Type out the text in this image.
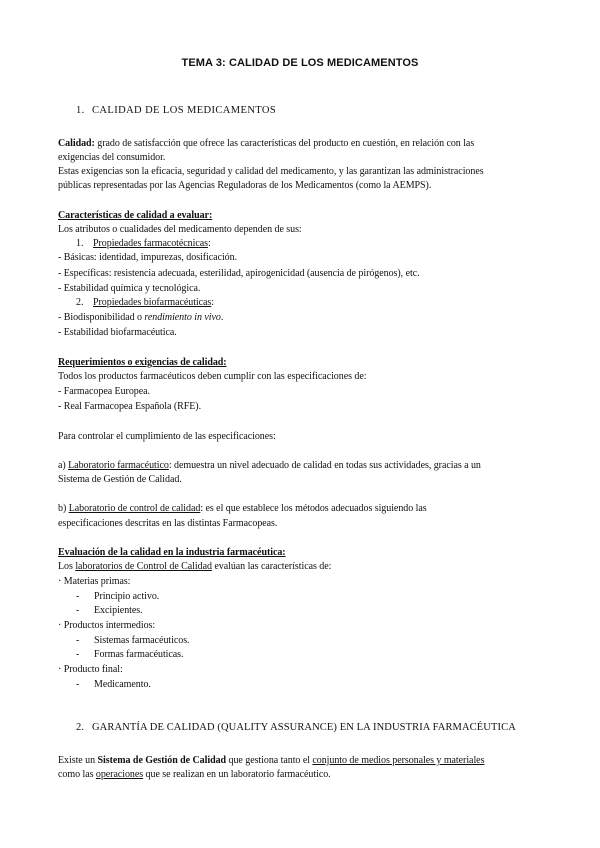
TEMA 3: CALIDAD DE LOS MEDICAMENTOS
1. CALIDAD DE LOS MEDICAMENTOS
Calidad: grado de satisfacción que ofrece las características del producto en cuestión, en relación con las
exigencias del consumidor.
Estas exigencias son la eficacia, seguridad y calidad del medicamento, y las garantizan las administraciones
públicas representadas por las Agencias Reguladoras de los Medicamentos (como la AEMPS).
Características de calidad a evaluar:
Los atributos o cualidades del medicamento dependen de sus:
1. Propiedades farmacotécnicas:
- Básicas: identidad, impurezas, dosificación.
- Específicas: resistencia adecuada, esterilidad, apirogenicidad (ausencia de pirógenos), etc.
- Estabilidad química y tecnológica.
2. Propiedades biofarmacéuticas:
- Biodisponibilidad o rendimiento in vivo.
- Estabilidad biofarmacéutica.
Requerimientos o exigencias de calidad:
Todos los productos farmacéuticos deben cumplir con las especificaciones de:
- Farmacopea Europea.
- Real Farmacopea Española (RFE).
Para controlar el cumplimiento de las especificaciones:
a) Laboratorio farmacéutico: demuestra un nivel adecuado de calidad en todas sus actividades, gracias a un
Sistema de Gestión de Calidad.
b) Laboratorio de control de calidad: es el que establece los métodos adecuados siguiendo las
especificaciones descritas en las distintas Farmacopeas.
Evaluación de la calidad en la industria farmacéutica:
Los laboratorios de Control de Calidad evalúan las características de:
· Materias primas:
- Principio activo.
- Excipientes.
· Productos intermedios:
- Sistemas farmacéuticos.
- Formas farmacéuticas.
· Producto final:
- Medicamento.
2. GARANTÍA DE CALIDAD (QUALITY ASSURANCE) EN LA INDUSTRIA FARMACÉUTICA
Existe un Sistema de Gestión de Calidad que gestiona tanto el conjunto de medios personales y materiales
como las operaciones que se realizan en un laboratorio farmacéutico.
